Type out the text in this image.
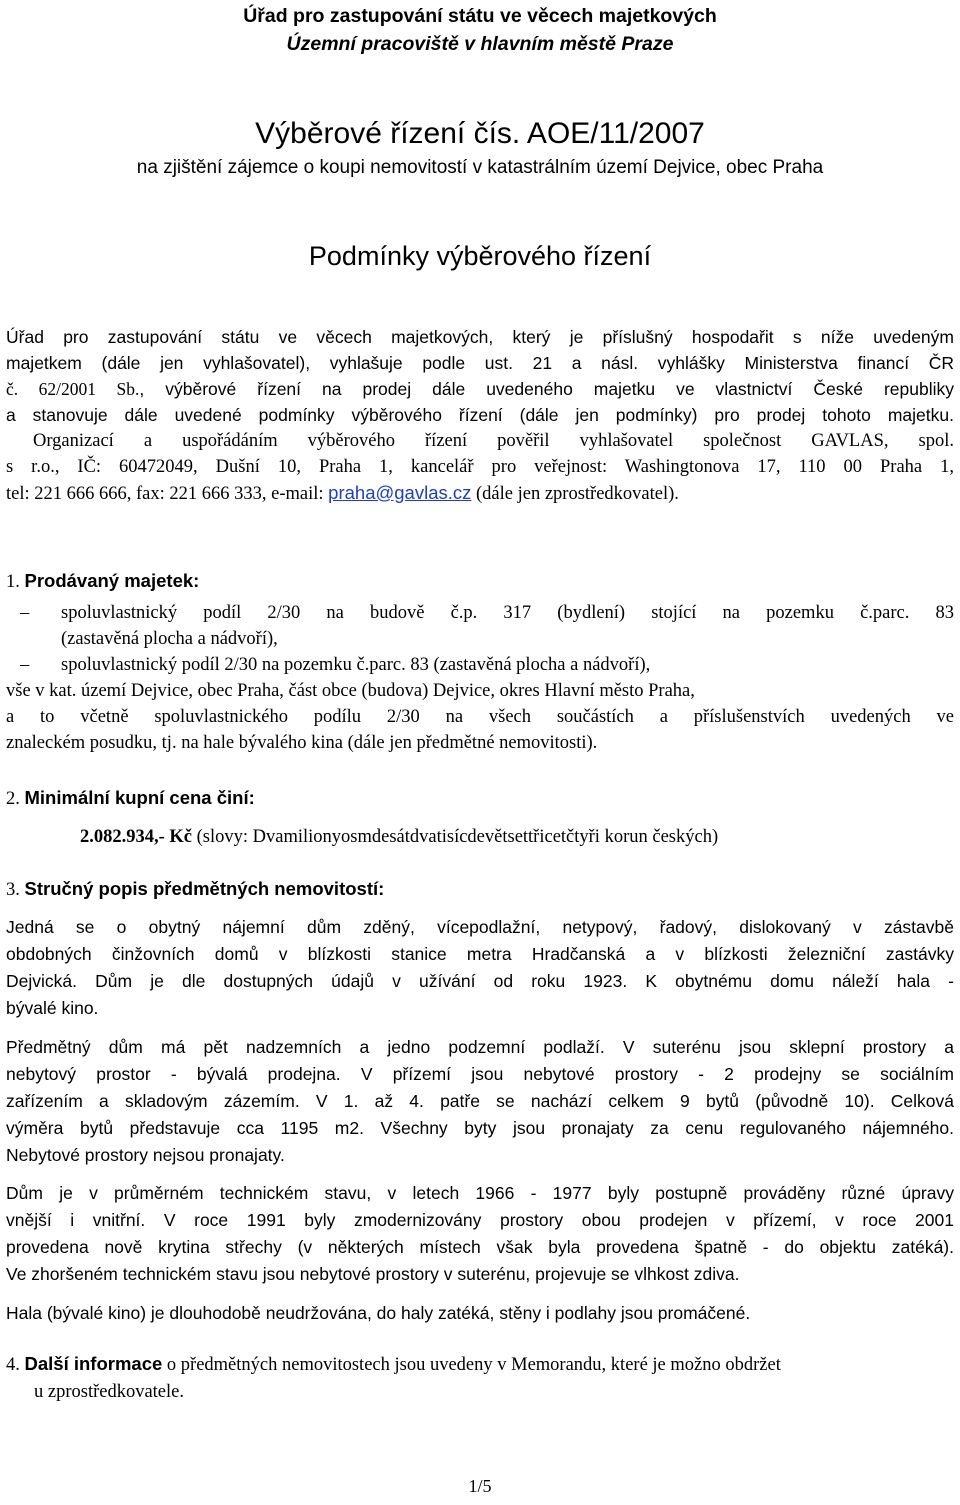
Úřad pro zastupování státu ve věcech majetkových
Územní pracoviště v hlavním městě Praze
Výběrové řízení čís. AOE/11/2007
na zjištění zájemce o koupi nemovitostí v katastrálním území Dejvice, obec Praha
Podmínky výběrového řízení
Úřad pro zastupování státu ve věcech majetkových, který je příslušný hospodařit s níže uvedeným
majetkem (dále jen vyhlašovatel), vyhlašuje podle ust. 21 a násl. vyhlášky Ministerstva financí ČR
č. 62/2001 Sb., výběrové řízení na prodej dále uvedeného majetku ve vlastnictví České republiky
a stanovuje dále uvedené podmínky výběrového řízení (dále jen podmínky) pro prodej tohoto majetku.
Organizací a uspořádáním výběrového řízení pověřil vyhlašovatel společnost GAVLAS, spol.
s r.o., IČ: 60472049, Dušní 10, Praha 1, kancelář pro veřejnost: Washingtonova 17, 110 00 Praha 1,
tel: 221 666 666, fax: 221 666 333, e-mail: praha@gavlas.cz (dále jen zprostředkovatel).
1. Prodávaný majetek:
– spoluvlastnický podíl 2/30 na budově č.p. 317 (bydlení) stojící na pozemku č.parc. 83
(zastavěná plocha a nádvoří),
– spoluvlastnický podíl 2/30 na pozemku č.parc. 83 (zastavěná plocha a nádvoří),
vše v kat. území Dejvice, obec Praha, část obce (budova) Dejvice, okres Hlavní město Praha,
a to včetně spoluvlastnického podílu 2/30 na všech součástích a příslušenstvích uvedených ve
znaleckém posudku, tj. na hale bývalého kina (dále jen předmětné nemovitosti).
2. Minimální kupní cena činí:
2.082.934,- Kč (slovy: Dvamilionyosmdesátdvatisícdevětsettřicetčtyři korun českých)
3. Stručný popis předmětných nemovitostí:
Jedná se o obytný nájemní dům zděný, vícepodlažní, netypový, řadový, dislokovaný v zástavbě
obdobných činžovních domů v blízkosti stanice metra Hradčanská a v blízkosti železniční zastávky
Dejvická. Dům je dle dostupných údajů v užívání od roku 1923. K obytnému domu náleží hala -
bývalé kino.
Předmětný dům má pět nadzemních a jedno podzemní podlaží. V suterénu jsou sklepní prostory a
nebytový prostor - bývalá prodejna. V přízemí jsou nebytové prostory - 2 prodejny se sociálním
zařízením a skladovým zázemím. V 1. až 4. patře se nachází celkem 9 bytů (původně 10). Celková
výměra bytů představuje cca 1195 m2. Všechny byty jsou pronajaty za cenu regulovaného nájemného.
Nebytové prostory nejsou pronajaty.
Dům je v průměrném technickém stavu, v letech 1966 - 1977 byly postupně prováděny různé úpravy
vnější i vnitřní. V roce 1991 byly zmodernizovány prostory obou prodejen v přízemí, v roce 2001
provedena nově krytina střechy (v některých místech však byla provedena špatně - do objektu zatéká).
Ve zhoršeném technickém stavu jsou nebytové prostory v suterénu, projevuje se vlhkost zdiva.
Hala (bývalé kino) je dlouhodobě neudržována, do haly zatéká, stěny i podlahy jsou promáčené.
4. Další informace o předmětných nemovitostech jsou uvedeny v Memorandu, které je možno obdržet
u zprostředkovatele.
1/5
